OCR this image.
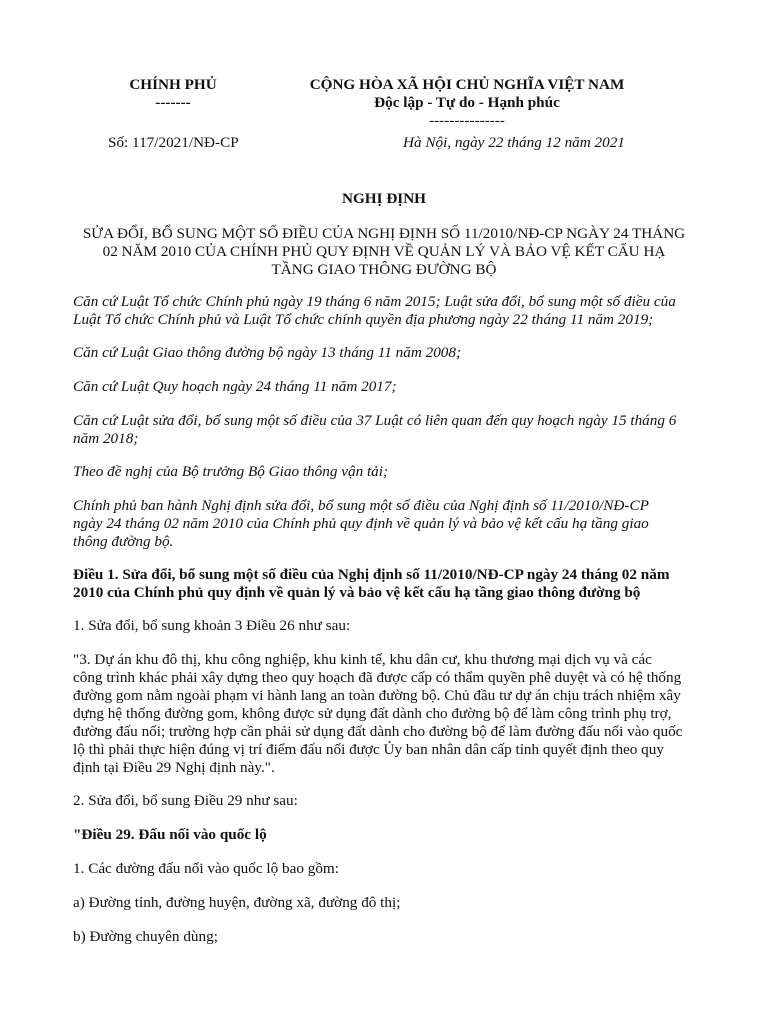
CHÍNH PHỦ
-------
CỘNG HÒA XÃ HỘI CHỦ NGHĨA VIỆT NAM
Độc lập - Tự do - Hạnh phúc
---------------
Số: 117/2021/NĐ-CP	Hà Nội, ngày 22 tháng 12 năm 2021
NGHỊ ĐỊNH
SỬA ĐỔI, BỔ SUNG MỘT SỐ ĐIỀU CỦA NGHỊ ĐỊNH SỐ 11/2010/NĐ-CP NGÀY 24 THÁNG
02 NĂM 2010 CỦA CHÍNH PHỦ QUY ĐỊNH VỀ QUẢN LÝ VÀ BẢO VỆ KẾT CẤU HẠ
TẦNG GIAO THÔNG ĐƯỜNG BỘ
Căn cứ Luật Tổ chức Chính phủ ngày 19 tháng 6 năm 2015; Luật sửa đổi, bổ sung một số điều của
Luật Tổ chức Chính phủ và Luật Tổ chức chính quyền địa phương ngày 22 tháng 11 năm 2019;
Căn cứ Luật Giao thông đường bộ ngày 13 tháng 11 năm 2008;
Căn cứ Luật Quy hoạch ngày 24 tháng 11 năm 2017;
Căn cứ Luật sửa đổi, bổ sung một số điều của 37 Luật có liên quan đến quy hoạch ngày 15 tháng 6
năm 2018;
Theo đề nghị của Bộ trưởng Bộ Giao thông vận tải;
Chính phủ ban hành Nghị định sửa đổi, bổ sung một số điều của Nghị định số 11/2010/NĐ-CP
ngày 24 tháng 02 năm 2010 của Chính phủ quy định về quản lý và bảo vệ kết cấu hạ tầng giao
thông đường bộ.
Điều 1. Sửa đổi, bổ sung một số điều của Nghị định số 11/2010/NĐ-CP ngày 24 tháng 02 năm
2010 của Chính phủ quy định về quản lý và bảo vệ kết cấu hạ tầng giao thông đường bộ
1. Sửa đổi, bổ sung khoản 3 Điều 26 như sau:
"3. Dự án khu đô thị, khu công nghiệp, khu kinh tế, khu dân cư, khu thương mại dịch vụ và các
công trình khác phải xây dựng theo quy hoạch đã được cấp có thẩm quyền phê duyệt và có hệ thống
đường gom nằm ngoài phạm vi hành lang an toàn đường bộ. Chủ đầu tư dự án chịu trách nhiệm xây
dựng hệ thống đường gom, không được sử dụng đất dành cho đường bộ để làm công trình phụ trợ,
đường đấu nối; trường hợp cần phải sử dụng đất dành cho đường bộ để làm đường đấu nối vào quốc
lộ thì phải thực hiện đúng vị trí điểm đấu nối được Ủy ban nhân dân cấp tỉnh quyết định theo quy
định tại Điều 29 Nghị định này.".
2. Sửa đổi, bổ sung Điều 29 như sau:
"Điều 29. Đấu nối vào quốc lộ
1. Các đường đấu nối vào quốc lộ bao gồm:
a) Đường tỉnh, đường huyện, đường xã, đường đô thị;
b) Đường chuyên dùng;
